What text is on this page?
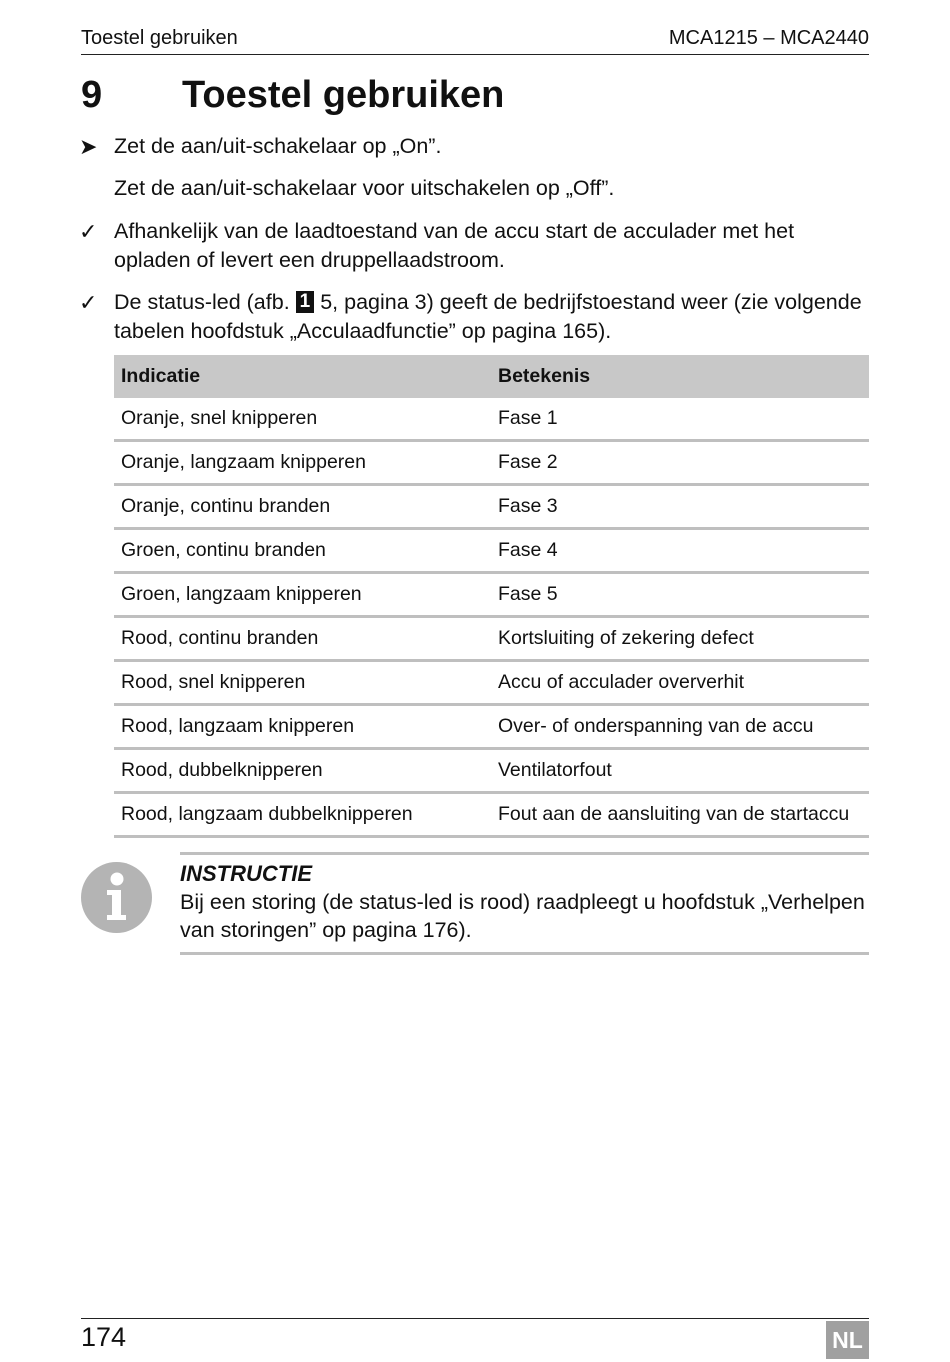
Toestel gebruiken	MCA1215 – MCA2440
9	Toestel gebruiken
➤ Zet de aan/uit-schakelaar op „On”.
Zet de aan/uit-schakelaar voor uitschakelen op „Off”.
✓ Afhankelijk van de laadtoestand van de accu start de acculader met het opladen of levert een druppellaadstroom.
✓ De status-led (afb. 1 5, pagina 3) geeft de bedrijfstoestand weer (zie volgende tabelen hoofdstuk „Acculaadfunctie” op pagina 165).
Indicatie	Betekenis
Oranje, snel knipperen	Fase 1
Oranje, langzaam knipperen	Fase 2
Oranje, continu branden	Fase 3
Groen, continu branden	Fase 4
Groen, langzaam knipperen	Fase 5
Rood, continu branden	Kortsluiting of zekering defect
Rood, snel knipperen	Accu of acculader oververhit
Rood, langzaam knipperen	Over- of onderspanning van de accu
Rood, dubbelknipperen	Ventilatorfout
Rood, langzaam dubbelknipperen	Fout aan de aansluiting van de startaccu
INSTRUCTIE
Bij een storing (de status-led is rood) raadpleegt u hoofdstuk „Verhelpen van storingen” op pagina 176).
174	NL
